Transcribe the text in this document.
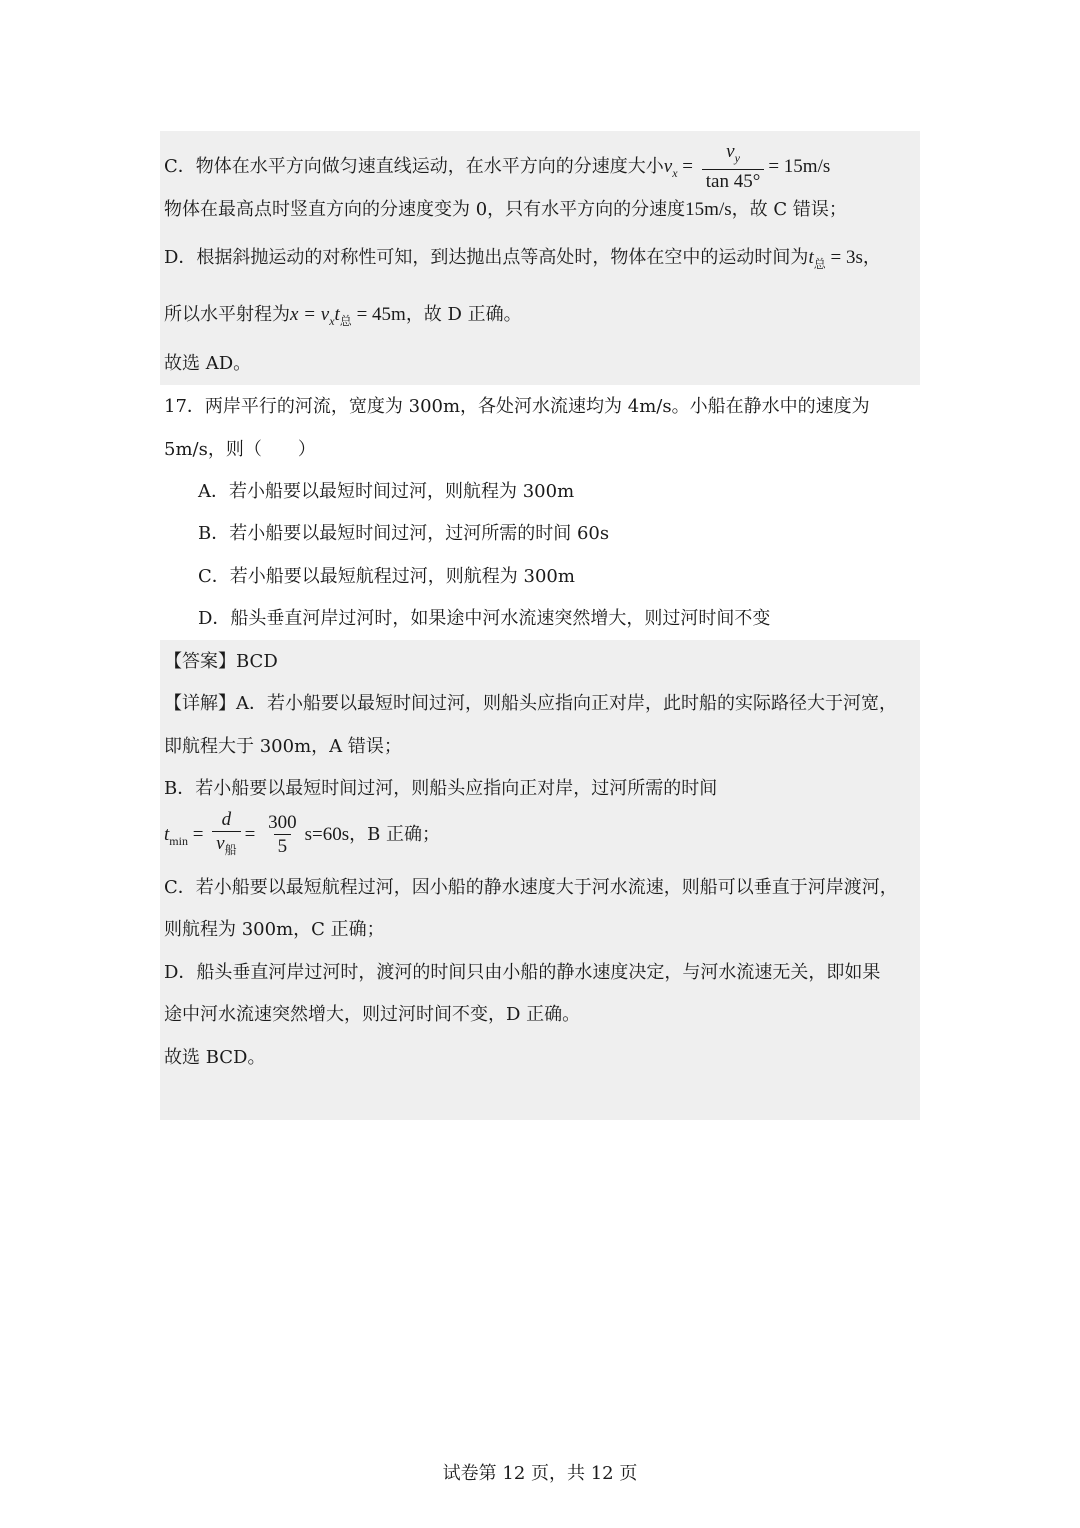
C．物体在水平方向做匀速直线运动，在水平方向的分速度大小$v_x = \frac{v_y}{\tan 45^\circ} = 15m/s$
物体在最高点时竖直方向的分速度变为 0，只有水平方向的分速度15m/s，故 C 错误；
D．根据斜抛运动的对称性可知，到达抛出点等高处时，物体在空中的运动时间为$t_总 = 3s$，
所以水平射程为$x = v_xt_总 = 45m$，故 D 正确。
故选 AD。
17．两岸平行的河流，宽度为 300m，各处河水流速均为 4m/s。小船在静水中的速度为
5m/s，则（　　）
A．若小船要以最短时间过河，则航程为 300m
B．若小船要以最短时间过河，过河所需的时间 60s
C．若小船要以最短航程过河，则航程为 300m
D．船头垂直河岸过河时，如果途中河水流速突然增大，则过河时间不变
【答案】BCD
【详解】A．若小船要以最短时间过河，则船头应指向正对岸，此时船的实际路径大于河宽，
即航程大于 300m，A 错误；
B．若小船要以最短时间过河，则船头应指向正对岸，过河所需的时间
$t_{min} = \frac{d}{v_船} = \frac{300}{5} s=60s$，B 正确；
C．若小船要以最短航程过河，因小船的静水速度大于河水流速，则船可以垂直于河岸渡河，
则航程为 300m，C 正确；
D．船头垂直河岸过河时，渡河的时间只由小船的静水速度决定，与河水流速无关，即如果
途中河水流速突然增大，则过河时间不变，D 正确。
故选 BCD。
试卷第 12 页，共 12 页
